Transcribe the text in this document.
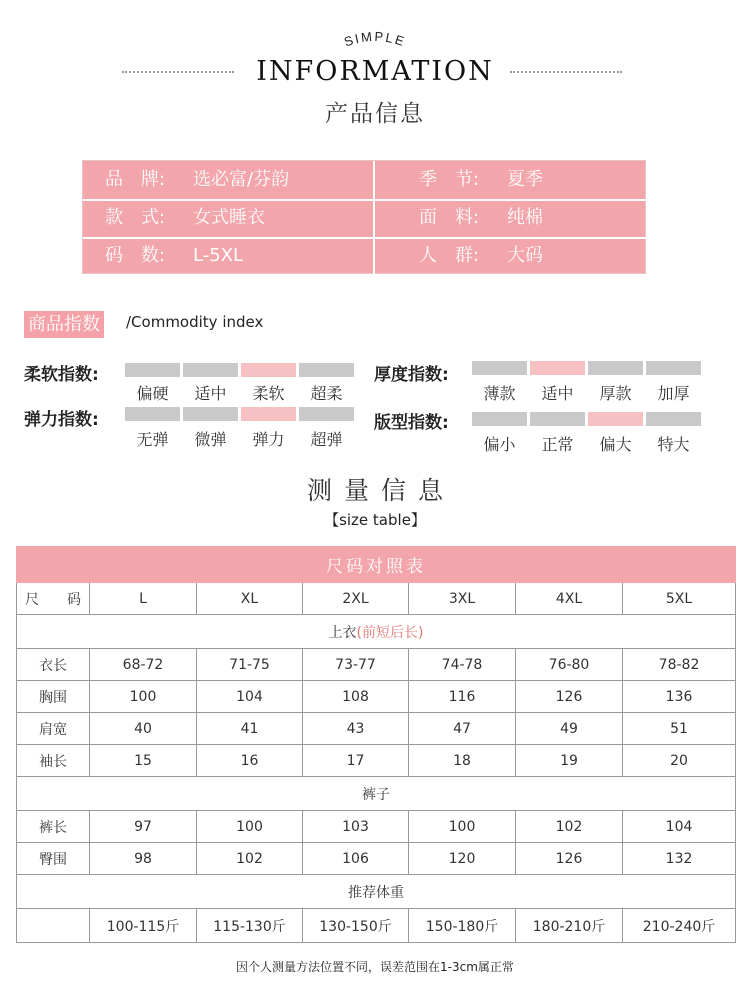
SIMPLE
INFORMATION
产品信息
品　牌: 选必富/芬韵	季　节: 夏季
款　式: 女式睡衣	面　料: 纯棉
码　数: L-5XL	人　群: 大码
商品指数 /Commodity index
柔软指数:
偏硬	适中	柔软	超柔
厚度指数:
薄款	适中	厚款	加厚
弹力指数:
无弹	微弹	弹力	超弹
版型指数:
偏小	正常	偏大	特大
测量信息
【size table】
尺码对照表						
尺　　码	L	XL	2XL	3XL	4XL	5XL
上衣(前短后长)						
衣长	68-72	71-75	73-77	74-78	76-80	78-82
胸围	100	104	108	116	126	136
肩宽	40	41	43	47	49	51
袖长	15	16	17	18	19	20
裤子						
裤长	97	100	103	100	102	104
臀围	98	102	106	120	126	132
推荐体重						
	100-115斤	115-130斤	130-150斤	150-180斤	180-210斤	210-240斤
因个人测量方法位置不同，误差范围在1-3cm属正常
